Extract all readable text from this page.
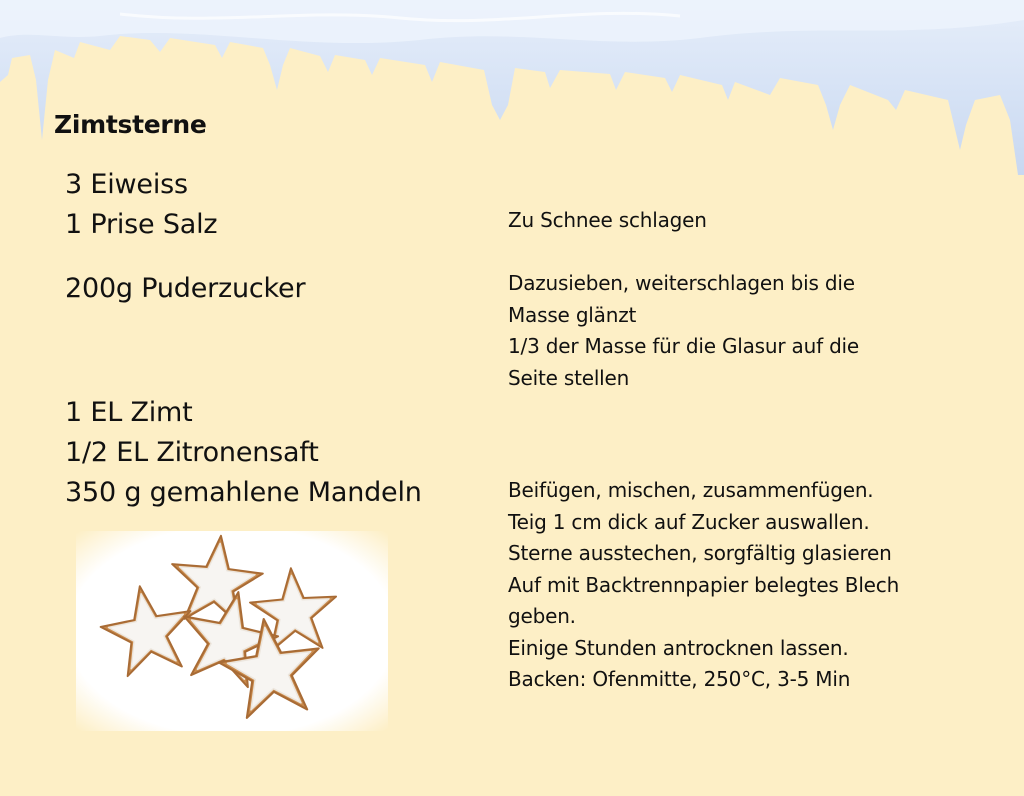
Zimtsterne
3 Eiweiss
1 Prise Salz	Zu Schnee schlagen
200g Puderzucker	Dazusieben, weiterschlagen bis die
Masse glänzt
1/3 der Masse für die Glasur auf die
Seite stellen
1 EL Zimt
1/2 EL Zitronensaft
350 g gemahlene Mandeln	Beifügen, mischen, zusammenfügen.
Teig 1 cm dick auf Zucker auswallen.
Sterne ausstechen, sorgfältig glasieren
Auf mit Backtrennpapier belegtes Blech
geben.
Einige Stunden antrocknen lassen.
Backen: Ofenmitte, 250°C, 3-5 Min
